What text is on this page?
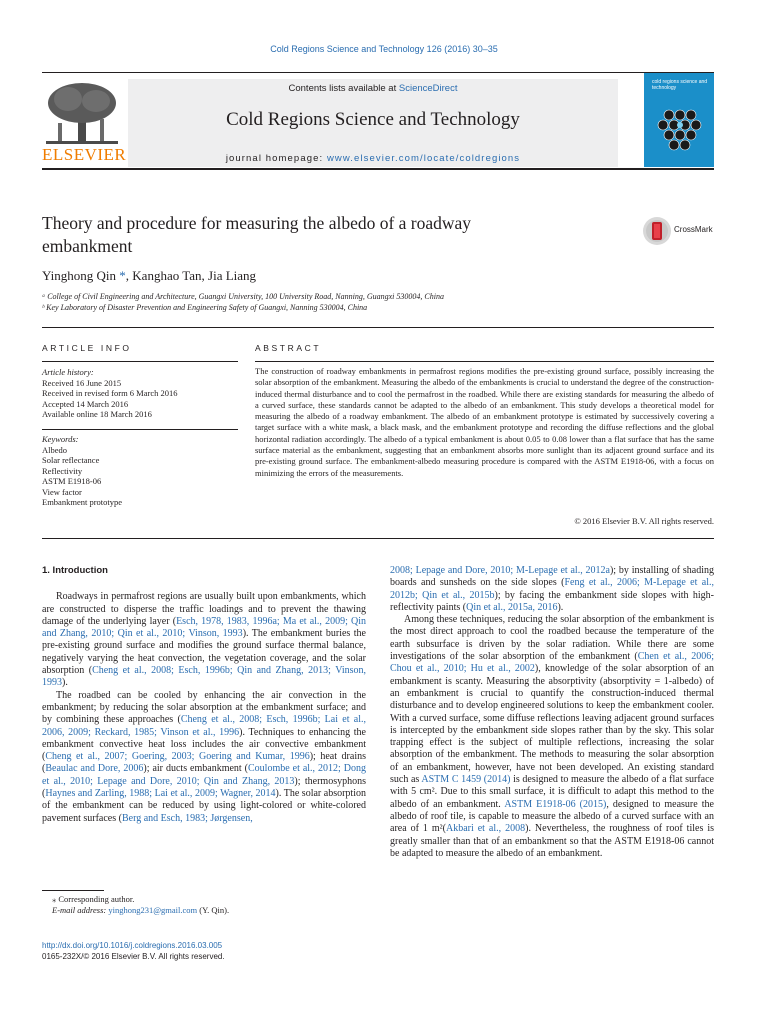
Cold Regions Science and Technology 126 (2016) 30–35
ELSEVIER
Contents lists available at ScienceDirect
Cold Regions Science and Technology
journal homepage: www.elsevier.com/locate/coldregions
cold regions science and technology
Theory and procedure for measuring the albedo of a roadway embankment
CrossMark
Yinghong Qin *, Kanghao Tan, Jia Liang
ᵃ College of Civil Engineering and Architecture, Guangxi University, 100 University Road, Nanning, Guangxi 530004, China
ᵇ Key Laboratory of Disaster Prevention and Engineering Safety of Guangxi, Nanning 530004, China
ARTICLE INFO	ABSTRACT
Article history:
Received 16 June 2015
Received in revised form 6 March 2016
Accepted 14 March 2016
Available online 18 March 2016
Keywords:
Albedo
Solar reflectance
Reflectivity
ASTM E1918-06
View factor
Embankment prototype
The construction of roadway embankments in permafrost regions modifies the pre-existing ground surface, possibly increasing the solar absorption of the embankment. Measuring the albedo of the embankments is crucial to understand the degree of the construction-induced thermal disturbance and to cool the permafrost in the roadbed. While there are existing standards for measuring the albedo of a curved surface, these standards cannot be adapted to the albedo of an embankment. This study develops a theoretical model for measuring the albedo of a roadway embankment. The albedo of an embankment prototype is estimated by successively covering a target surface with a white mask, a black mask, and the embankment prototype and recording the diffuse reflections and the global horizontal radiation accordingly. The albedo of a typical embankment is about 0.05 to 0.08 lower than a flat surface that has the same surface material as the embankment, suggesting that an embankment absorbs more sunlight than its adjacent ground surface and its pre-existing ground surface. The embankment-albedo measuring procedure is compared with the ASTM E1918-06, with a focus on minimizing the errors of the measurements.
© 2016 Elsevier B.V. All rights reserved.
1. Introduction

Roadways in permafrost regions are usually built upon embankments, which are constructed to disperse the traffic loadings and to prevent the thawing damage of the underlying layer (Esch, 1978, 1983, 1996a; Ma et al., 2009; Qin and Zhang, 2010; Qin et al., 2010; Vinson, 1993). The embankment buries the pre-existing ground surface and modifies the ground surface thermal balance, negatively varying the heat convection, the vegetation coverage, and the solar absorption (Cheng et al., 2008; Esch, 1996b; Qin and Zhang, 2013; Vinson, 1993).

The roadbed can be cooled by enhancing the air convection in the embankment; by reducing the solar absorption at the embankment surface; and by combining these approaches (Cheng et al., 2008; Esch, 1996b; Lai et al., 2006, 2009; Reckard, 1985; Vinson et al., 1996). Techniques to enhancing the embankment convective heat loss includes the air convective embankment (Cheng et al., 2007; Goering, 2003; Goering and Kumar, 1996); heat drains (Beaulac and Dore, 2006); air ducts embankment (Coulombe et al., 2012; Dong et al., 2010; Lepage and Dore, 2010; Qin and Zhang, 2013); thermosyphons (Haynes and Zarling, 1988; Lai et al., 2009; Wagner, 2014). The solar absorption of the embankment can be reduced by using light-colored or white-colored pavement surfaces (Berg and Esch, 1983; Jørgensen,

2008; Lepage and Dore, 2010; M-Lepage et al., 2012a); by installing of shading boards and sunsheds on the side slopes (Feng et al., 2006; M-Lepage et al., 2012b; Qin et al., 2015b); by facing the embankment side slopes with high-reflectivity paints (Qin et al., 2015a, 2016).

Among these techniques, reducing the solar absorption of the embankment is the most direct approach to cool the roadbed because the temperature of the earth subsurface is driven by the solar radiation. While there are some investigations of the solar absorption of the embankment (Chen et al., 2006; Chou et al., 2010; Hu et al., 2002), knowledge of the solar absorption of an embankment is scanty. Measuring the absorptivity (absorptivity = 1-albedo) of an embankment is crucial to quantify the construction-induced thermal disturbance and to develop engineered solutions to keep the embankment cooler. With a curved surface, some diffuse reflections leaving adjacent ground surfaces is intercepted by the embankment side slopes rather than by the sky. This solar trapping effect is the subject of multiple reflections, increasing the solar absorption of the embankment. The methods to measuring the solar absorption of an embankment, however, have not been developed. An existing standard such as ASTM C 1459 (2014) is designed to measure the albedo of a flat surface with 5 cm². Due to this small surface, it is difficult to adapt this method to the albedo of an embankment. ASTM E1918-06 (2015), designed to measure the albedo of roof tile, is capable to measure the albedo of a curved surface with an area of 1 m²(Akbari et al., 2008). Nevertheless, the roughness of roof tiles is greatly smaller than that of an embankment so that the ASTM E1918-06 cannot be adapted to measure the albedo of an embankment.

⁎ Corresponding author.
E-mail address: yinghong231@gmail.com (Y. Qin).
http://dx.doi.org/10.1016/j.coldregions.2016.03.005
0165-232X/© 2016 Elsevier B.V. All rights reserved.
